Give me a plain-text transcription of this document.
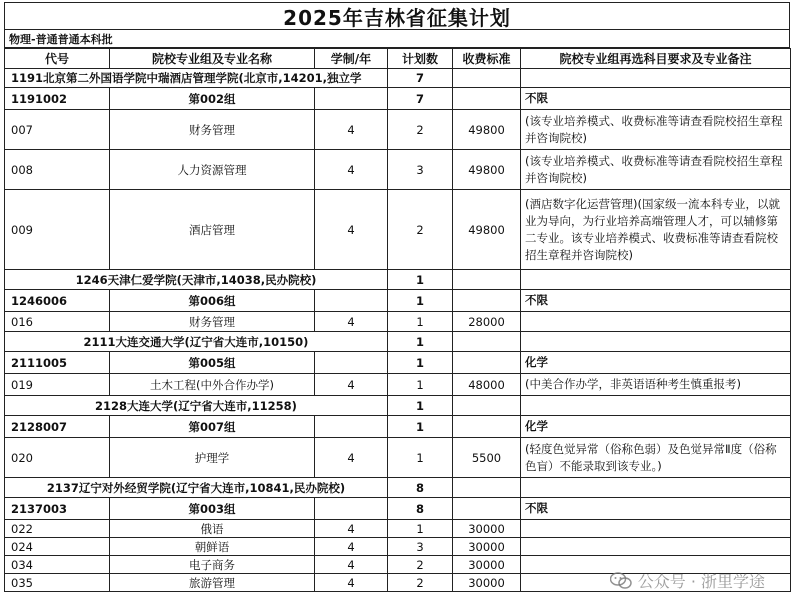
2025年吉林省征集计划
物理-普通普通本科批
代号	院校专业组及专业名称	学制/年	计划数	收费标准	院校专业组再选科目要求及专业备注
1191北京第二外国语学院中瑞酒店管理学院(北京市,14201,独立学			7		
1191002	第002组		7		不限
007	财务管理	4	2	49800	(该专业培养模式、收费标准等请查看院校招生章程并咨询院校)
008	人力资源管理	4	3	49800	(该专业培养模式、收费标准等请查看院校招生章程并咨询院校)
009	酒店管理	4	2	49800	(酒店数字化运营管理)(国家级一流本科专业，以就业为导向，为行业培养高端管理人才，可以辅修第二专业。该专业培养模式、收费标准等请查看院校招生章程并咨询院校)
1246天津仁爱学院(天津市,14038,民办院校)			1		
1246006	第006组		1		不限
016	财务管理	4	1	28000	
2111大连交通大学(辽宁省大连市,10150)			1		
2111005	第005组		1		化学
019	土木工程(中外合作办学)	4	1	48000	(中美合作办学，非英语语种考生慎重报考)
2128大连大学(辽宁省大连市,11258)			1		
2128007	第007组		1		化学
020	护理学	4	1	5500	(轻度色觉异常（俗称色弱）及色觉异常Ⅱ度（俗称色盲）不能录取到该专业。)
2137辽宁对外经贸学院(辽宁省大连市,10841,民办院校)			8		
2137003	第003组		8		不限
022	俄语	4	1	30000	
024	朝鲜语	4	3	30000	
034	电子商务	4	2	30000	
035	旅游管理	4	2	30000		公众号 · 浙里学途
